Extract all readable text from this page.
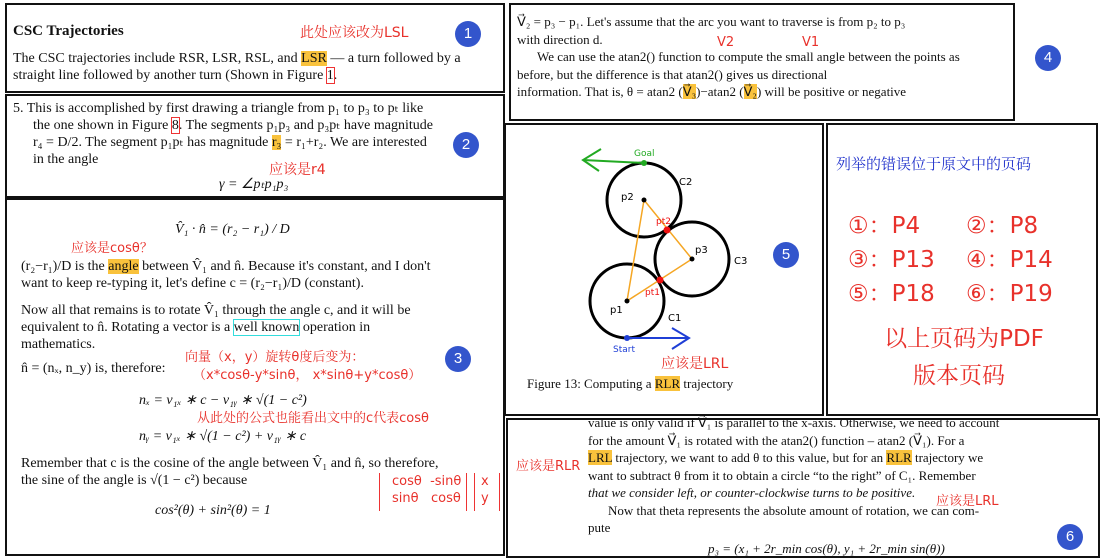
CSC Trajectories	此处应该改为LSL	1
The CSC trajectories include RSR, LSR, RSL, and LSR — a turn followed by a straight line followed by another turn (Shown in Figure 1.
5. This is accomplished by first drawing a triangle from p₁ to p₃ to pₜ like
the one shown in Figure 8. The segments p₁p₃ and p₃pₜ have magnitude
r₄ = D/2. The segment p₁pₜ has magnitude r₃ = r₁+r₂. We are interested
in the angle
γ = ∠pₜp₁p₃
应该是r4
2
V̂₁ · n̂ = (r₂ − r₁) / D
应该是cosθ？
(r₂−r₁)/D is the angle between V̂₁ and n̂. Because it's constant, and I don't want to keep re-typing it, let's define c = (r₂−r₁)/D (constant).
Now all that remains is to rotate V̂₁ through the angle c, and it will be equivalent to n̂. Rotating a vector is a well known operation in mathematics.
n̂ = (nₓ, n_y) is, therefore:
向量（x，y）旋转θ度后变为：
（x*cosθ-y*sinθ， x*sinθ+y*cosθ）
3
nₓ = v₁ₓ ∗ c − v₁ᵧ ∗ √(1 − c²)
从此处的公式也能看出文中的c代表cosθ
nᵧ = v₁ₓ ∗ √(1 − c²) + v₁ᵧ ∗ c
Remember that c is the cosine of the angle between V̂₁ and n̂, so therefore, the sine of the angle is √(1 − c²) because
cos²(θ) + sin²(θ) = 1
cosθ -sinθ
sinθ cosθ
x
y
V⃗₂ = p₃ − p₁. Let's assume that the arc you want to traverse is from p₂ to p₃
with direction d.
We can use the atan2() function to compute the small angle between the points as before, but the difference is that atan2() gives us directional
information. That is, θ = atan2 (V⃗₃)−atan2 (V⃗₂) will be positive or negative
V2	V1
4
Goal
Start
C1
C2
C3
p1
p2
p3
pt1
pt2
5
应该是LRL
Figure 13: Computing a RLR trajectory
列举的错误位于原文中的页码
①：P4	②：P8
③：P13	④：P14
⑤：P18	⑥：P19
以上页码为PDF
版本页码
value is only valid if V⃗₁ is parallel to the x-axis. Otherwise, we need to account
for the amount V⃗₁ is rotated with the atan2() function – atan2 (V⃗₁). For a
LRL trajectory, we want to add θ to this value, but for an RLR trajectory we
want to subtract θ from it to obtain a circle “to the right” of C₁. Remember
that we consider left, or counter-clockwise turns to be positive.
Now that theta represents the absolute amount of rotation, we can com-
pute
应该是RLR
应该是LRL
p₃ = (x₁ + 2r_min cos(θ), y₁ + 2r_min sin(θ))
6
